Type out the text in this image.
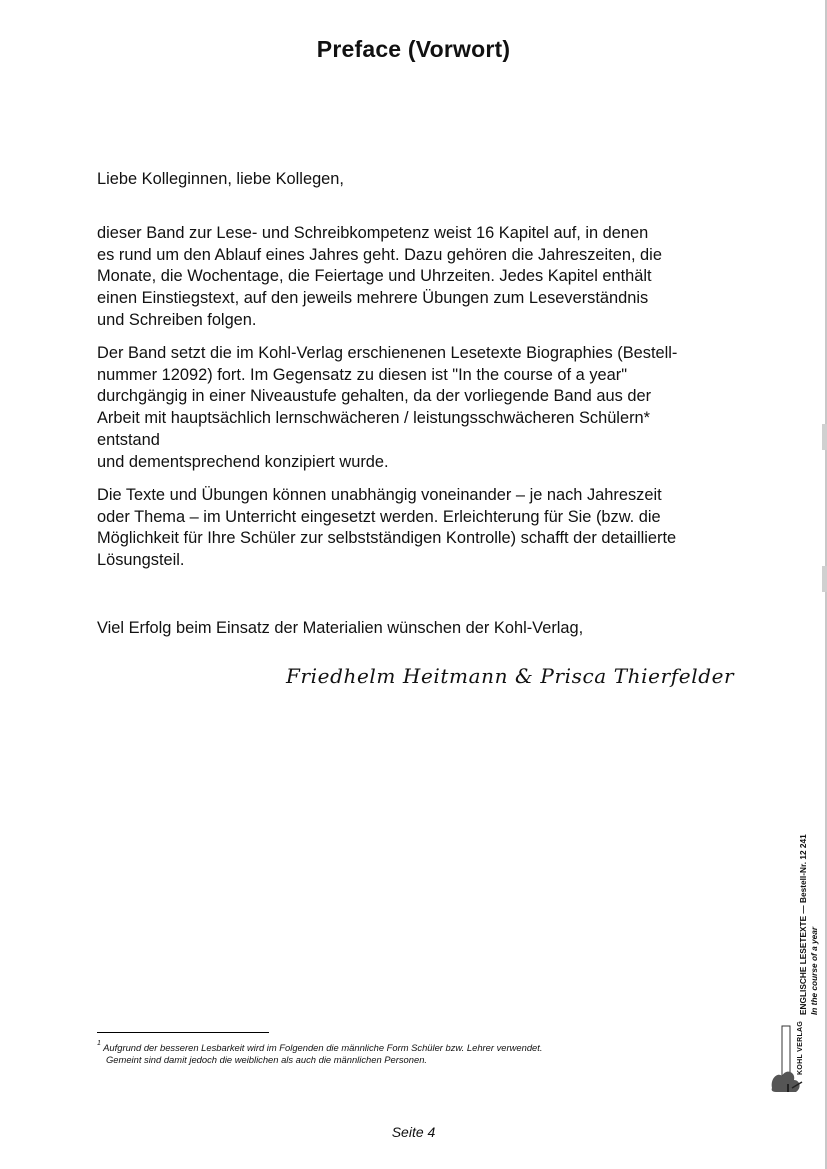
Preface (Vorwort)

Liebe Kolleginnen, liebe Kollegen,

dieser Band zur Lese- und Schreibkompetenz weist 16 Kapitel auf, in denen
es rund um den Ablauf eines Jahres geht. Dazu gehören die Jahreszeiten, die
Monate, die Wochentage, die Feiertage und Uhrzeiten. Jedes Kapitel enthält
einen Einstiegstext, auf den jeweils mehrere Übungen zum Leseverständnis
und Schreiben folgen.

Der Band setzt die im Kohl-Verlag erschienenen Lesetexte Biographies (Bestell-
nummer 12092) fort. Im Gegensatz zu diesen ist "In the course of a year"
durchgängig in einer Niveaustufe gehalten, da der vorliegende Band aus der
Arbeit mit hauptsächlich lernschwächeren / leistungsschwächeren Schülern*
entstand
und dementsprechend konzipiert wurde.

Die Texte und Übungen können unabhängig voneinander – je nach Jahreszeit
oder Thema – im Unterricht eingesetzt werden. Erleichterung für Sie (bzw. die
Möglichkeit für Ihre Schüler zur selbstständigen Kontrolle) schafft der detaillierte
Lösungsteil.

Viel Erfolg beim Einsatz der Materialien wünschen der Kohl-Verlag,

Friedhelm Heitmann & Prisca Thierfelder

$^1$ Aufgrund der besseren Lesbarkeit wird im Folgenden die männliche Form Schüler bzw. Lehrer verwendet.
Gemeint sind damit jedoch die weiblichen als auch die männlichen Personen.
ENGLISCHE LESETEXTE — Bestell-Nr. 12 241 In the course of a year
KOHL VERLAG
Seite 4
